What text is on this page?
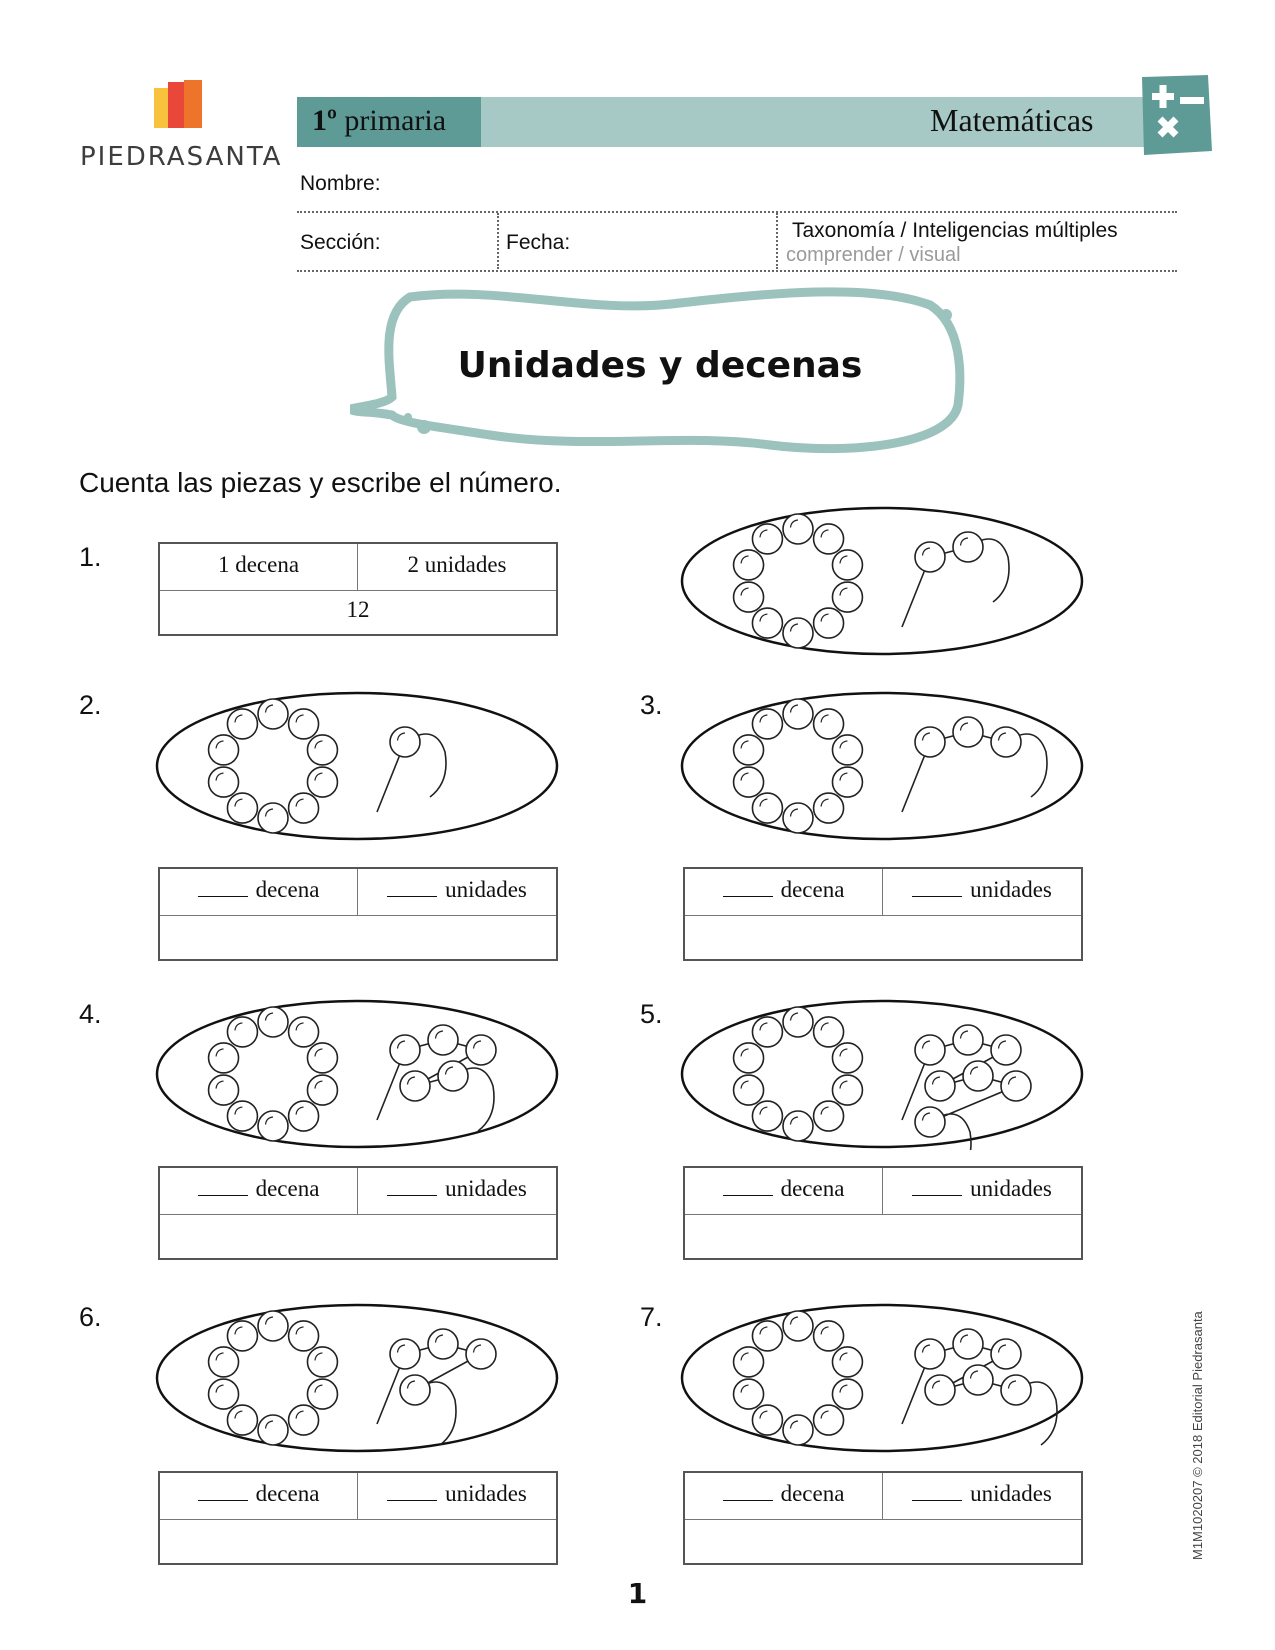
PIEDRASANTA
1º primaria	Matemáticas
Nombre:
Sección:	Fecha:
Taxonomía / Inteligencias múltiples
comprender / visual
Unidades y decenas
Cuenta las piezas y escribe el número.
1.	1 decena	2 unidades
12
2.
decena	unidades
3.
decena	unidades
4.
decena	unidades
5.
decena	unidades
6.
decena	unidades
7.
decena	unidades	M1M1020207 © 2018 Editorial Piedrasanta
1
